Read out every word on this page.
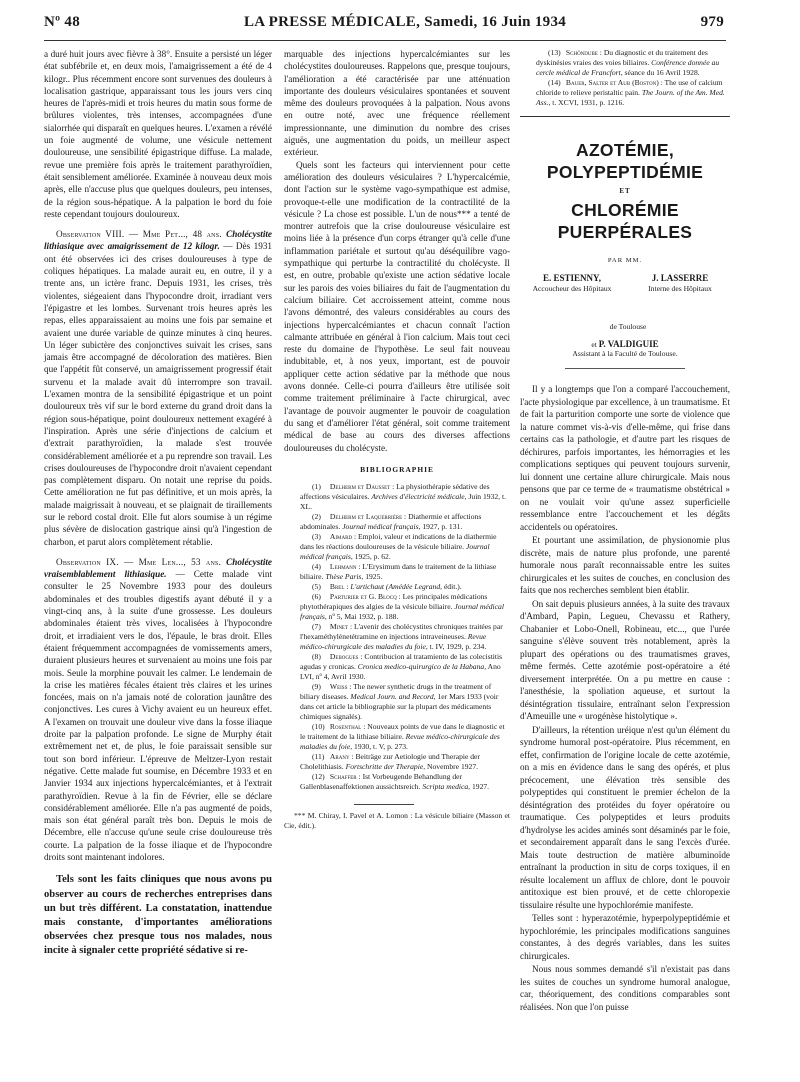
Nº 48	LA PRESSE MÉDICALE, Samedi, 16 Juin 1934	979

a duré huit jours avec fièvre à 38°. Ensuite a persisté un léger état subfébrile et, en deux mois, l'amaigrissement a été de 4 kilogr.. Plus récemment encore sont survenues des douleurs à localisation gastrique, apparaissant tous les jours vers cinq heures de l'après-midi et trois heures du matin sous forme de brûlures violentes, très intenses, accompagnées d'une sialorrhée qui disparaît en quelques heures. L'examen a révélé un foie augmenté de volume, une vésicule nettement douloureuse, une sensibilité épigastrique diffuse. La malade, revue une première fois après le traitement parathyroïdien, était sensiblement améliorée. Examinée à nouveau deux mois après, elle n'accuse plus que quelques douleurs, peu intenses, de la région sous-hépatique. A la palpation le bord du foie reste cependant toujours douloureux.

Observation VIII. — Mme Pet..., 48 ans. Cholécystite lithiasique avec amaigrissement de 12 kilogr. — Dès 1931 ont été observées ici des crises douloureuses à type de coliques hépatiques. La malade aurait eu, en outre, il y a trente ans, un ictère franc. Depuis 1931, les crises, très violentes, siégeaient dans l'hypocondre droit, irradiant vers l'épigastre et les lombes. Survenant trois heures après les repas, elles apparaissaient au moins une fois par semaine et avaient une durée variable de quinze minutes à cinq heures. Un léger subictère des conjonctives suivait les crises, sans jamais être accompagné de décoloration des matières. Bien que l'appétit fût conservé, un amaigrissement progressif était survenu et la malade avait dû interrompre son travail. L'examen montra de la sensibilité épigastrique et un point douloureux très vif sur le bord externe du grand droit dans la région sous-hépatique, point douloureux nettement exagéré à l'inspiration. Après une série d'injections de calcium et d'extrait parathyroïdien, la malade s'est trouvée considérablement améliorée et a pu reprendre son travail. Les crises douloureuses de l'hypocondre droit n'avaient cependant pas complètement disparu. On notait une reprise du poids. Cette amélioration ne fut pas définitive, et un mois après, la malade maigrissait à nouveau, et se plaignait de tiraillements sur le rebord costal droit. Elle fut alors soumise à un régime plus sévère de dislocation gastrique ainsi qu'à l'ingestion de charbon, et parut alors complètement rétablie.

Observation IX. — Mme Len..., 53 ans. Cholécystite vraisemblablement lithiasique. — Cette malade vint consulter le 25 Novembre 1933 pour des douleurs abdominales et des troubles digestifs ayant débuté il y a vingt-cinq ans, à la suite d'une grossesse. Les douleurs abdominales étaient très vives, localisées à l'hypocondre droit, et irradiaient vers le dos, l'épaule, le bras droit. Elles étaient fréquemment accompagnées de vomissements amers, duraient plusieurs heures et survenaient au moins une fois par mois. Seule la morphine pouvait les calmer. Le lendemain de la crise les matières fécales étaient très claires et les urines foncées, mais on n'a jamais noté de coloration jaunâtre des conjonctives. Les cures à Vichy avaient eu un heureux effet. A l'examen on trouvait une douleur vive dans la fosse iliaque droite par la palpation profonde. Le signe de Murphy était extrêmement net et, de plus, le foie paraissait sensible sur tout son bord inférieur. L'épreuve de Meltzer-Lyon restait négative. Cette malade fut soumise, en Décembre 1933 et en Janvier 1934 aux injections hypercalcémiantes, et à l'extrait parathyroïdien. Revue à la fin de Février, elle se déclare considérablement améliorée. Elle n'a pas augmenté de poids, mais son état général paraît très bon. Depuis le mois de Décembre, elle n'accuse qu'une seule crise douloureuse très courte. La palpation de la fosse iliaque et de l'hypocondre droits sont maintenant indolores.

Tels sont les faits cliniques que nous avons pu observer au cours de recherches entreprises dans un but très différent. La constatation, inattendue mais constante, d'importantes améliorations observées chez presque tous nos malades, nous incite à signaler cette propriété sédative si re-

marquable des injections hypercalcémiantes sur les cholécystites douloureuses. Rappelons que, presque toujours, l'amélioration a été caractérisée par une atténuation importante des douleurs vésiculaires spontanées et souvent même des douleurs provoquées à la palpation. Nous avons en outre noté, avec une fréquence réellement impressionnante, une diminution du nombre des crises aiguës, une augmentation du poids, un meilleur aspect extérieur.

Quels sont les facteurs qui interviennent pour cette amélioration des douleurs vésiculaires ? L'hypercalcémie, dont l'action sur le système vago-sympathique est admise, provoque-t-elle une modification de la contractilité de la vésicule ? La chose est possible. L'un de nous*** a tenté de montrer autrefois que la crise douloureuse vésiculaire est moins liée à la présence d'un corps étranger qu'à celle d'une inflammation pariétale et surtout qu'au déséquilibre vago-sympathique qui perturbe la contractilité du cholécyste. Il est, en outre, probable qu'existe une action sédative locale sur les parois des voies biliaires du fait de l'augmentation du calcium biliaire. Cet accroissement atteint, comme nous l'avons démontré, des valeurs considérables au cours des injections hypercalcémiantes et chacun connaît l'action calmante attribuée en général à l'ion calcium. Mais tout ceci reste du domaine de l'hypothèse. Le seul fait nouveau indubitable, et, à nos yeux, important, est de pouvoir appliquer cette action sédative par la méthode que nous avons donnée. Celle-ci pourra d'ailleurs être utilisée soit comme traitement préliminaire à l'acte chirurgical, avec l'avantage de pouvoir augmenter le pouvoir de coagulation du sang et d'améliorer l'état général, soit comme traitement médical de base au cours des diverses affections douloureuses du cholécyste.

BIBLIOGRAPHIE

(1) Delherm et Dausset : La physiothérapie sédative des affections vésiculaires. Archives d'électricité médicale, Juin 1932, t. XL.

(2) Delherm et Laquerrière : Diathermie et affections abdominales. Journal médical français, 1927, p. 131.

(3) Aimard : Emploi, valeur et indications de la diathermie dans les réactions douloureuses de la vésicule biliaire. Journal médical français, 1925, p. 62.

(4) Lehmann : L'Erysimum dans le traitement de la lithiase biliaire. Thèse Paris, 1925.

(5) Brel : L'artichaut (Amédée Legrand, édit.).

(6) Parturier et G. Blocq : Les principales médications phytothérapiques des algies de la vésicule biliaire. Journal médical français, nº 5, Mai 1932, p. 188.

(7) Minet : L'avenir des cholécystites chroniques traitées par l'hexaméthylènetétramine en injections intraveineuses. Revue médico-chirurgicale des maladies du foie, t. IV, 1929, p. 234.

(8) Debogues : Contribucion al tratamiento de las colecistitis agudas y cronicas. Cronica medico-quirurgico de la Habana, Ano LVI, nº 4, Avril 1930.

(9) Weiss : The newer synthetic drugs in the treatment of biliary diseases. Medical Journ. and Record, 1er Mars 1933 (voir dans cet article la bibliographie sur la plupart des médicaments chimiques signalés).

(10) Rosenthal : Nouveaux points de vue dans le diagnostic et le traitement de la lithiase biliaire. Revue médico-chirurgicale des maladies du foie, 1930, t. V, p. 273.

(11) Arany : Beiträge zur Aetiologie und Therapie der Cholelithiasis. Fortschritte der Therapie, Novembre 1927.

(12) Schaffer : Ist Vorbeugende Behandlung der Gallenblasenaffektionen aussichtsreich. Scripta medica, 1927.

*** M. Chiray, I. Pavel et A. Lomon : La vésicule biliaire (Masson et Cie, édit.).

(13) Schöndube : Du diagnostic et du traitement des dyskinésies vraies des voies biliaires. Conférence donnée au cercle médical de Francfort, séance du 16 Avril 1928.

(14) Bauer, Salter et Aub (Boston) : The use of calcium chloride to relieve peristaltic pain. The Journ. of the Am. Med. Ass., t. XCVI, 1931, p. 1216.

AZOTÉMIE, POLYPEPTIDÉMIE
ET
CHLORÉMIE PUERPÉRALES
PAR MM.
E. ESTIENNY,
Accoucheur des Hôpitaux
J. LASSERRE
Interne des Hôpitaux
de Toulouse
et P. VALDIGUIE
Assistant à la Faculté de Toulouse.

Il y a longtemps que l'on a comparé l'accouchement, l'acte physiologique par excellence, à un traumatisme. Et de fait la parturition comporte une sorte de violence que la nature commet vis-à-vis d'elle-même, qui frise dans certains cas la pathologie, et d'autre part les risques de déchirures, parfois importantes, les hémorragies et les complications septiques qui peuvent toujours survenir, lui donnent une certaine allure chirurgicale. Mais nous pensons que par ce terme de « traumatisme obstétrical » on ne voulait voir qu'une assez superficielle ressemblance entre l'accouchement et les dégâts accidentels ou opératoires.

Et pourtant une assimilation, de physionomie plus discrète, mais de nature plus profonde, une parenté humorale nous paraît reconnaissable entre les suites chirurgicales et les suites de couches, en conclusion des faits que nos recherches semblent bien établir.

On sait depuis plusieurs années, à la suite des travaux d'Ambard, Papin, Legueu, Chevassu et Rathery, Chabanier et Lobo-Onell, Robineau, etc..., que l'urée sanguine s'élève souvent très notablement, après la plupart des opérations ou des traumatismes graves, même fermés. Cette azotémie post-opératoire a été diversement interprétée. On a pu mettre en cause : l'anesthésie, la spoliation aqueuse, et surtout la désintégration tissulaire, entraînant selon l'expression d'Ameuille une « urogénèse histolytique ».

D'ailleurs, la rétention uréique n'est qu'un élément du syndrome humoral post-opératoire. Plus récemment, en effet, confirmation de l'origine locale de cette azotémie, on a mis en évidence dans le sang des opérés, et plus précocement, une élévation très sensible des polypeptides qui constituent le premier échelon de la désintégration des protéides du foyer opératoire ou traumatique. Ces polypeptides et leurs produits d'hydrolyse les acides aminés sont désaminés par le foie, et secondairement apparaît dans le sang l'excès d'urée. Mais toute destruction de matière albuminoïde entraînant la production in situ de corps toxiques, il en résulte localement un afflux de chlore, dont le pouvoir antitoxique est bien prouvé, et de cette chloropexie tissulaire résulte une hypochlorémie manifeste.

Telles sont : hyperazotémie, hyperpolypeptidémie et hypochlorémie, les principales modifications sanguines constantes, à des degrés variables, dans les suites chirurgicales.

Nous nous sommes demandé s'il n'existait pas dans les suites de couches un syndrome humoral analogue, car, théoriquement, des conditions comparables sont réalisées. Non que l'on puisse
